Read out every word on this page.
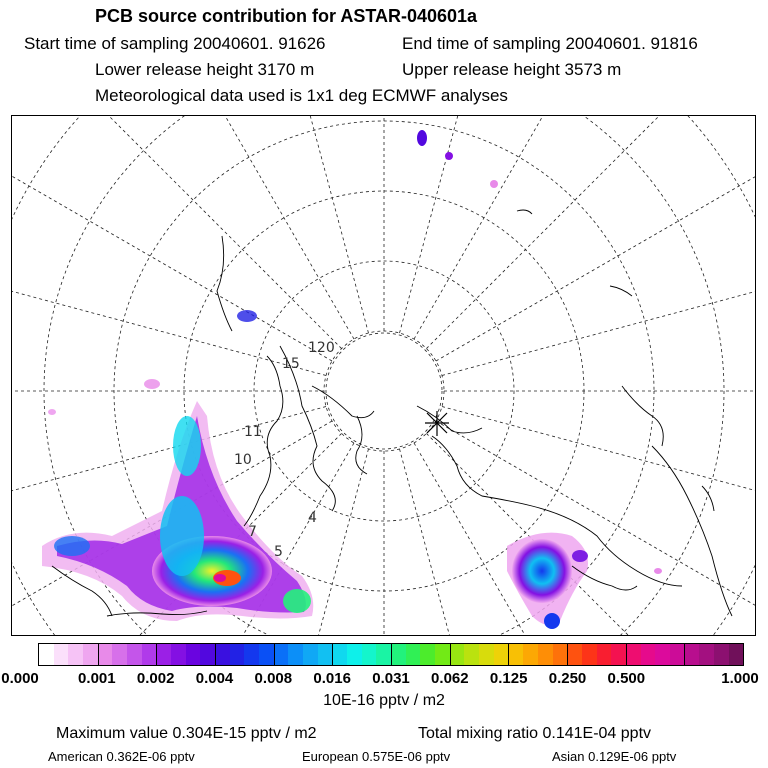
PCB source contribution for ASTAR-040601a
Start time of sampling 20040601. 91626	End time of sampling 20040601. 91816
Lower release height 3170 m	Upper release height 3573 m
Meteorological data used is 1x1 deg ECMWF analyses
120
15
11
10
7
5
4
0.000	0.001 0.002 0.004 0.008 0.016 0.031 0.062 0.125 0.250 0.500	1.000
10E-16 pptv / m2
Maximum value 0.304E-15 pptv / m2	Total mixing ratio 0.141E-04 pptv
American 0.362E-06 pptv	European 0.575E-06 pptv	Asian 0.129E-06 pptv
